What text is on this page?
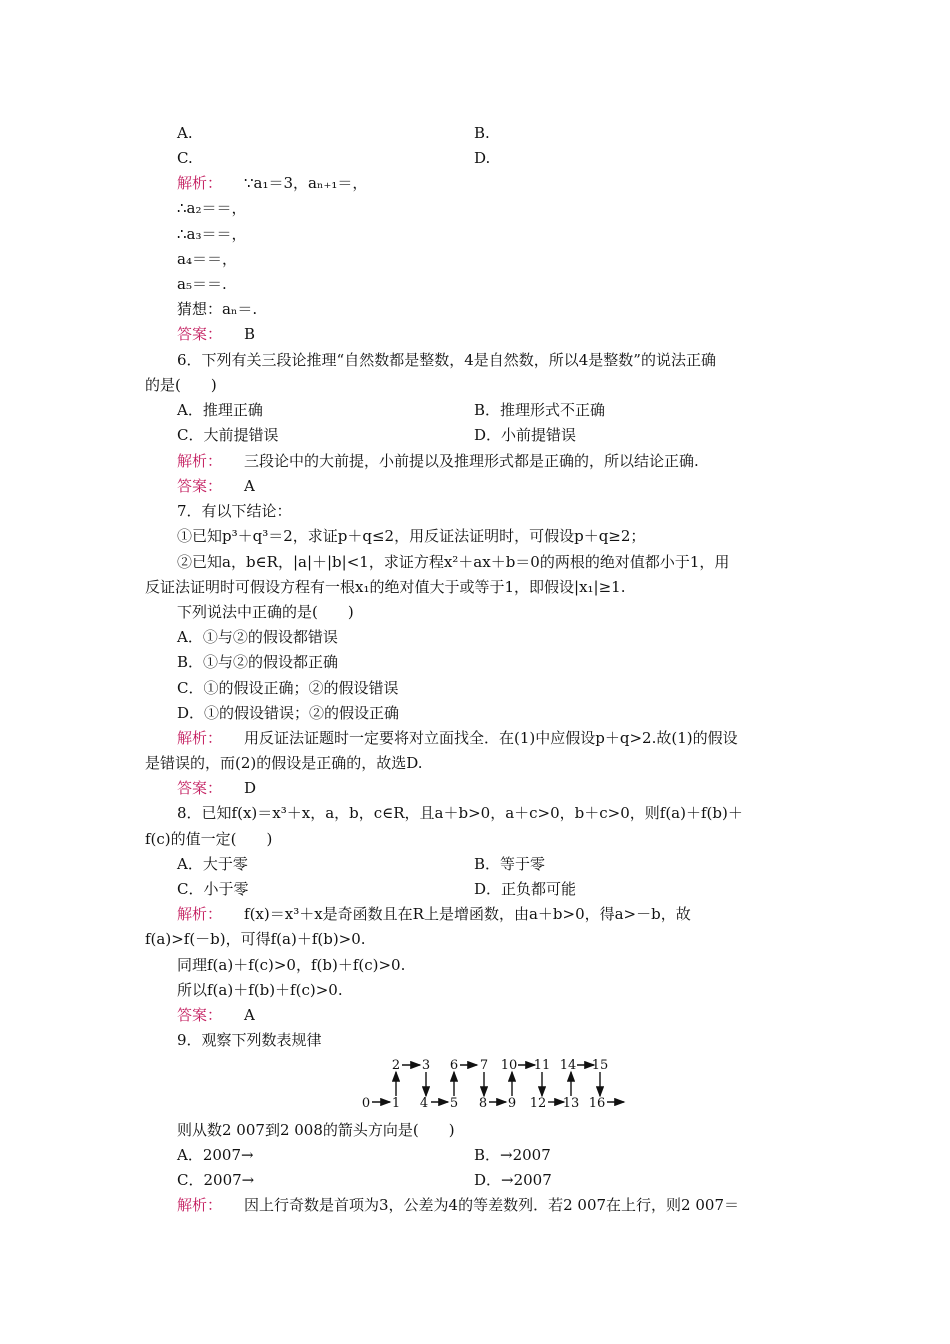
A.	B.
C.	D.
解析： ∵a₁＝3，aₙ₊₁＝，
∴a₂＝＝，
∴a₃＝＝，
a₄＝＝，
a₅＝＝.
猜想：aₙ＝.
答案： B
6．下列有关三段论推理“自然数都是整数，4是自然数，所以4是整数”的说法正确
的是(　　)
A．推理正确	B．推理形式不正确
C．大前提错误	D．小前提错误
解析： 三段论中的大前提，小前提以及推理形式都是正确的，所以结论正确.
答案： A
7．有以下结论：
①已知p³＋q³＝2，求证p＋q≤2，用反证法证明时，可假设p＋q≥2；
②已知a，b∈R，|a|＋|b|<1，求证方程x²＋ax＋b＝0的两根的绝对值都小于1，用
反证法证明时可假设方程有一根x₁的绝对值大于或等于1，即假设|x₁|≥1.
下列说法中正确的是(　　)
A．①与②的假设都错误
B．①与②的假设都正确
C．①的假设正确；②的假设错误
D．①的假设错误；②的假设正确
解析： 用反证法证题时一定要将对立面找全．在(1)中应假设p＋q>2.故(1)的假设
是错误的，而(2)的假设是正确的，故选D.
答案： D
8．已知f(x)＝x³＋x，a，b，c∈R，且a＋b>0，a＋c>0，b＋c>0，则f(a)＋f(b)＋
f(c)的值一定(　　)
A．大于零	B．等于零
C．小于零	D．正负都可能
解析： f(x)＝x³＋x是奇函数且在R上是增函数，由a＋b>0，得a>－b，故
f(a)>f(－b)，可得f(a)＋f(b)>0.
同理f(a)＋f(c)>0，f(b)＋f(c)>0.
所以f(a)＋f(b)＋f(c)>0.
答案： A
9．观察下列数表规律
2 3 6 7 10 11 14 15
0 1 4 5 8 9 12 13 16
则从数2 007到2 008的箭头方向是(　　)
A．2007→	B．→2007
C．2007→	D．→2007
解析： 因上行奇数是首项为3，公差为4的等差数列．若2 007在上行，则2 007＝
